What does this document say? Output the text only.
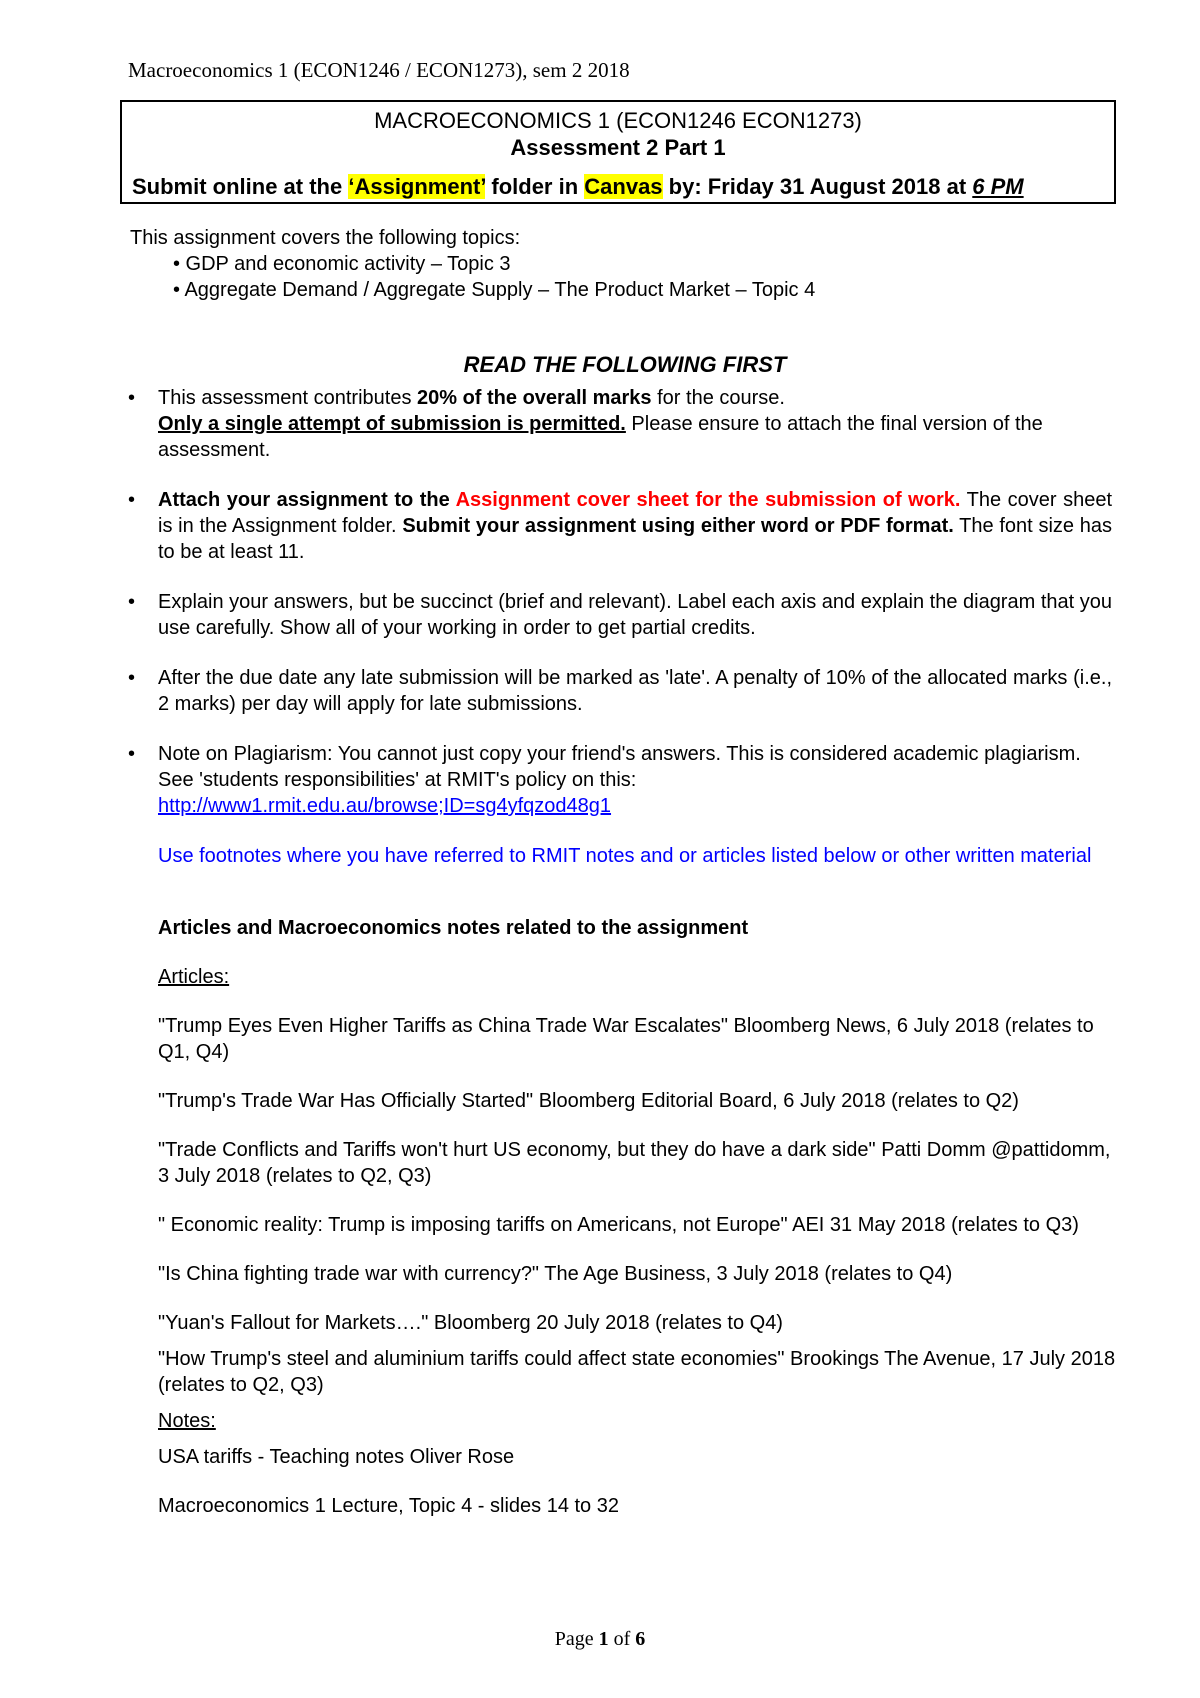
Macroeconomics 1 (ECON1246 / ECON1273), sem 2 2018
MACROECONOMICS 1 (ECON1246 ECON1273)
Assessment 2 Part 1
Submit online at the ‘Assignment’ folder in Canvas by: Friday 31 August 2018 at 6 PM
This assignment covers the following topics:
• GDP and economic activity – Topic 3
• Aggregate Demand / Aggregate Supply – The Product Market – Topic 4
READ THE FOLLOWING FIRST
• This assessment contributes 20% of the overall marks for the course.
Only a single attempt of submission is permitted. Please ensure to attach the final version of the assessment.
• Attach your assignment to the Assignment cover sheet for the submission of work. The cover sheet is in the Assignment folder. Submit your assignment using either word or PDF format. The font size has to be at least 11.
• Explain your answers, but be succinct (brief and relevant). Label each axis and explain the diagram that you use carefully. Show all of your working in order to get partial credits.
• After the due date any late submission will be marked as 'late'. A penalty of 10% of the allocated marks (i.e., 2 marks) per day will apply for late submissions.
• Note on Plagiarism: You cannot just copy your friend's answers. This is considered academic plagiarism. See 'students responsibilities' at RMIT's policy on this:
http://www1.rmit.edu.au/browse;ID=sg4yfqzod48g1
Use footnotes where you have referred to RMIT notes and or articles listed below or other written material

Articles and Macroeconomics notes related to the assignment

Articles:

"Trump Eyes Even Higher Tariffs as China Trade War Escalates" Bloomberg News, 6 July 2018 (relates to Q1, Q4)

"Trump's Trade War Has Officially Started" Bloomberg Editorial Board, 6 July 2018 (relates to Q2)

"Trade Conflicts and Tariffs won't hurt US economy, but they do have a dark side" Patti Domm @pattidomm, 3 July 2018 (relates to Q2, Q3)

" Economic reality: Trump is imposing tariffs on Americans, not Europe" AEI 31 May 2018 (relates to Q3)

"Is China fighting trade war with currency?" The Age Business, 3 July 2018 (relates to Q4)

"Yuan's Fallout for Markets…." Bloomberg 20 July 2018 (relates to Q4)

"How Trump's steel and aluminium tariffs could affect state economies" Brookings The Avenue, 17 July 2018 (relates to Q2, Q3)

Notes:

USA tariffs - Teaching notes Oliver Rose

Macroeconomics 1 Lecture, Topic 4 - slides 14 to 32

Page 1 of 6
